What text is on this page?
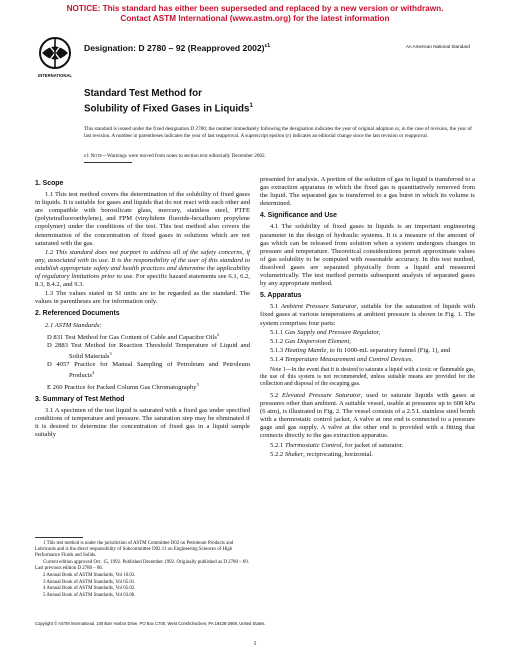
NOTICE: This standard has either been superseded and replaced by a new version or withdrawn.
Contact ASTM International (www.astm.org) for the latest information
INTERNATIONAL
Designation: D 2780 – 92 (Reapproved 2002)$^{\varepsilon 1}$	An American National Standard
Standard Test Method for
Solubility of Fixed Gases in Liquids$^1$
This standard is issued under the fixed designation D 2780; the number immediately following the designation indicates the year of original adoption or, in the case of revision, the year of last revision. A number in parentheses indicates the year of last reapproval. A superscript epsilon (ε) indicates an editorial change since the last revision or reapproval.
ε1 Note—Warnings were moved from notes to section text editorially December 2002.
1. Scope

1.1 This test method covers the determination of the solubility of fixed gases in liquids. It is suitable for gases and liquids that do not react with each other and are compatible with borosilicate glass, mercury, stainless steel, PTFE (polytetrafluoroethylene), and FPM (vinylidene fluoride-hexafluoro propylene copolymer) under the conditions of the test. This test method also covers the determination of the concentration of fixed gases in solutions which are not saturated with the gas.

1.2 This standard does not purport to address all of the safety concerns, if any, associated with its use. It is the responsibility of the user of this standard to establish appropriate safety and health practices and determine the applicability of regulatory limitations prior to use. For specific hazard statements see 6.1, 6.2, 8.3, 8.4.2, and 9.3.

1.3 The values stated in SI units are to be regarded as the standard. The values in parentheses are for information only.

2. Referenced Documents

2.1 ASTM Standards:

D 831 Test Method for Gas Content of Cable and Capacitor Oils$^2$

D 2883 Test Method for Reaction Threshold Temperature of Liquid and Solid Materials$^3$

D 4057 Practice for Manual Sampling of Petroleum and Petroleum Products$^4$

E 260 Practice for Packed Column Gas Chromatography$^5$

3. Summary of Test Method

3.1 A specimen of the test liquid is saturated with a fixed gas under specified conditions of temperature and pressure. The saturation step may be eliminated if it is desired to determine the concentration of fixed gas in a liquid sample suitably

presented for analysis. A portion of the solution of gas in liquid is transferred to a gas extraction apparatus in which the fixed gas is quantitatively removed from the liquid. The separated gas is transferred to a gas buret in which its volume is determined.

4. Significance and Use

4.1 The solubility of fixed gases in liquids is an important engineering parameter in the design of hydraulic systems. It is a measure of the amount of gas which can be released from solution when a system undergoes changes in pressure and temperature. Theoretical considerations permit approximate values of gas solubility to be computed with reasonable accuracy. In this test method, dissolved gases are separated physically from a liquid and measured volumetrically. The test method permits subsequent analysis of separated gases by any appropriate method.

5. Apparatus

5.1 Ambient Pressure Saturator, suitable for the saturation of liquids with fixed gases at various temperatures at ambient pressure is shown in Fig. 1. The system comprises four parts:

5.1.1 Gas Supply and Pressure Regulator,

5.1.2 Gas Dispersion Element,

5.1.3 Heating Mantle, to fit 1000-mL separatory funnel (Fig. 1), and

5.1.4 Temperature Measurement and Control Devices.

Note 1—In the event that it is desired to saturate a liquid with a toxic or flammable gas, the use of this system is not recommended, unless suitable means are provided for the collection and disposal of the escaping gas.

5.2 Elevated Pressure Saturator, used to saturate liquids with gases at pressures other than ambient. A suitable vessel, usable at pressures up to 608 kPa (6 atm), is illustrated in Fig. 2. The vessel consists of a 2.5 L stainless steel bomb with a thermostatic control jacket. A valve at one end is connected to a pressure gage and gas supply. A valve at the other end is provided with a fitting that connects directly to the gas extraction apparatus.

5.2.1 Thermostatic Control, for jacket of saturator.

5.2.2 Shaker, reciprocating, horizontal.

1 This test method is under the jurisdiction of ASTM Committee D02 on Petroleum Products and Lubricants and is the direct responsibility of Subcommittee D02.11 on Engineering Sciences of High Performance Fluids and Solids.

Current edition approved Oct. 15, 1992. Published December 1992. Originally published as D 2780 – 69. Last previous edition D 2780 – 86.

2 Annual Book of ASTM Standards, Vol 10.03.

3 Annual Book of ASTM Standards, Vol 05.01.

4 Annual Book of ASTM Standards, Vol 05.02.

5 Annual Book of ASTM Standards, Vol 03.06.

Copyright © ASTM International, 100 Barr Harbor Drive, PO Box C700, West Conshohocken, PA 19428-2959, United States.
1
